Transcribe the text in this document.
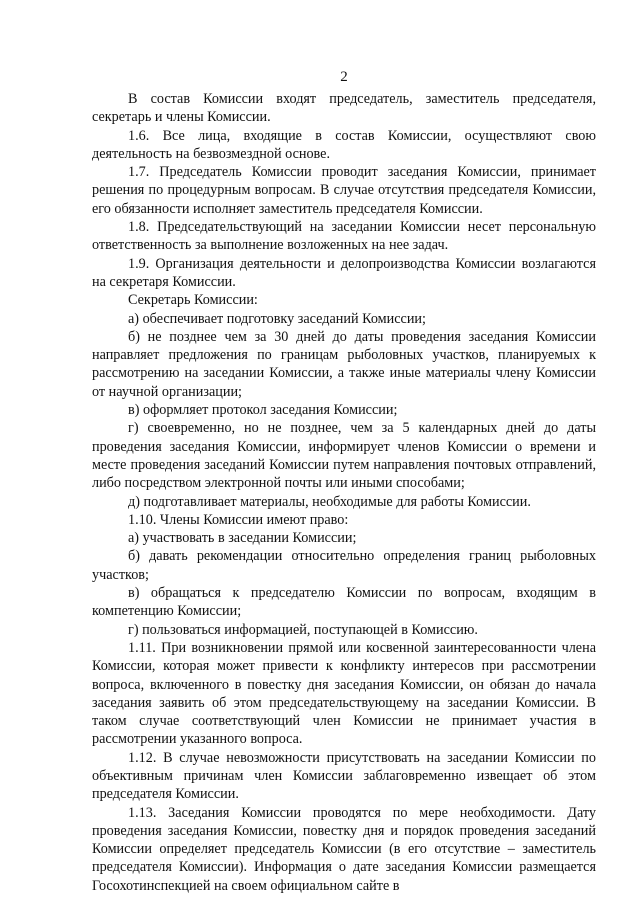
2

В состав Комиссии входят председатель, заместитель председателя, секретарь и члены Комиссии.

1.6. Все лица, входящие в состав Комиссии, осуществляют свою деятельность на безвозмездной основе.

1.7. Председатель Комиссии проводит заседания Комиссии, принимает решения по процедурным вопросам. В случае отсутствия председателя Комиссии, его обязанности исполняет заместитель председателя Комиссии.

1.8. Председательствующий на заседании Комиссии несет персональную ответственность за выполнение возложенных на нее задач.

1.9. Организация деятельности и делопроизводства Комиссии возлагаются на секретаря Комиссии.

Секретарь Комиссии:

а) обеспечивает подготовку заседаний Комиссии;

б) не позднее чем за 30 дней до даты проведения заседания Комиссии направляет предложения по границам рыболовных участков, планируемых к рассмотрению на заседании Комиссии, а также иные материалы члену Комиссии от научной организации;

в) оформляет протокол заседания Комиссии;

г) своевременно, но не позднее, чем за 5 календарных дней до даты проведения заседания Комиссии, информирует членов Комиссии о времени и месте проведения заседаний Комиссии путем направления почтовых отправлений, либо посредством электронной почты или иными способами;

д) подготавливает материалы, необходимые для работы Комиссии.

1.10. Члены Комиссии имеют право:

а) участвовать в заседании Комиссии;

б) давать рекомендации относительно определения границ рыболовных участков;

в) обращаться к председателю Комиссии по вопросам, входящим в компетенцию Комиссии;

г) пользоваться информацией, поступающей в Комиссию.

1.11. При возникновении прямой или косвенной заинтересованности члена Комиссии, которая может привести к конфликту интересов при рассмотрении вопроса, включенного в повестку дня заседания Комиссии, он обязан до начала заседания заявить об этом председательствующему на заседании Комиссии. В таком случае соответствующий член Комиссии не принимает участия в рассмотрении указанного вопроса.

1.12. В случае невозможности присутствовать на заседании Комиссии по объективным причинам член Комиссии заблаговременно извещает об этом председателя Комиссии.

1.13. Заседания Комиссии проводятся по мере необходимости. Дату проведения заседания Комиссии, повестку дня и порядок проведения заседаний Комиссии определяет председатель Комиссии (в его отсутствие – заместитель председателя Комиссии). Информация о дате заседания Комиссии размещается Госохотинспекцией на своем официальном сайте в
